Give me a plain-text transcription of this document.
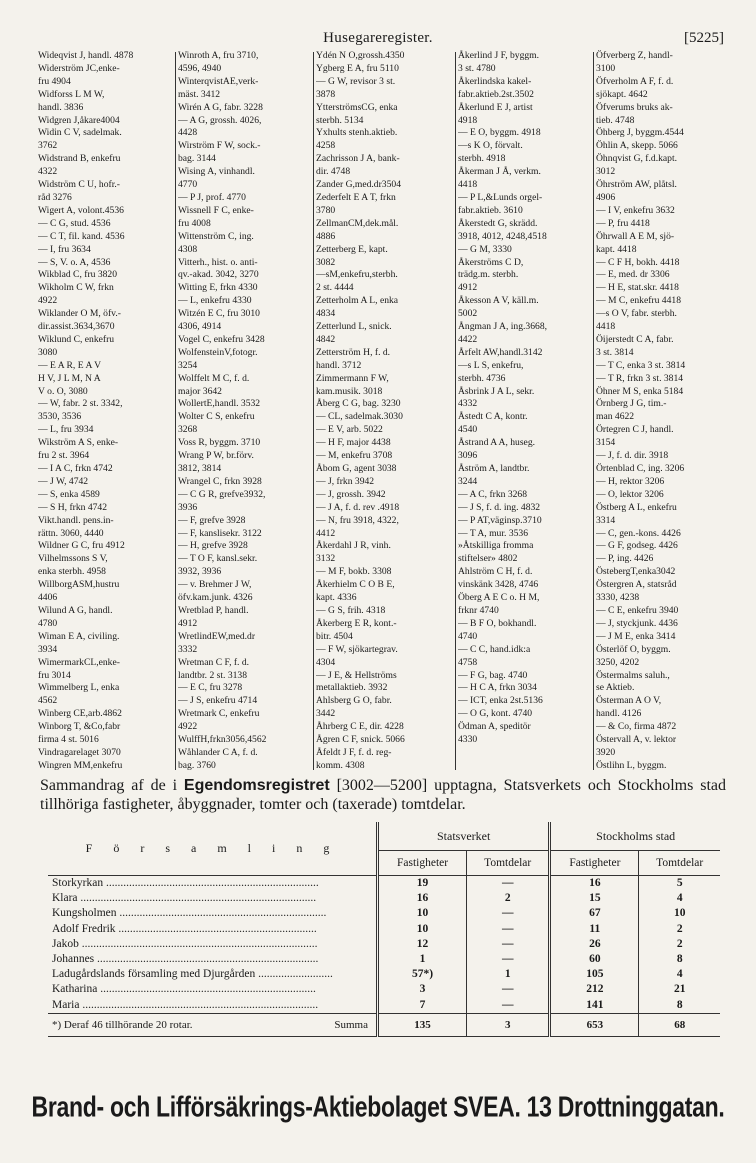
Husegareregister.	[5225]
Wideqvist J, handl. 4878
Widerström JC,enke-
fru 4904
Widforss L M W,
handl. 3836
Widgren J,åkare4004
Widin C V, sadelmak.
3762
Widstrand B, enkefru
4322
Widström C U, hofr.-
råd 3276
Wigert A, volont.4536
— C G, stud. 4536
— C T, fil. kand. 4536
— I, fru 3634
— S, V. o. A, 4536
Wikblad C, fru 3820
Wikholm C W, frkn
4922
Wiklander O M, öfv.-
dir.assist.3634,3670
Wiklund C, enkefru
3080
— E A R, E A V
H V, J L M, N A
V o. O, 3080
— W, fabr. 2 st. 3342,
3530, 3536
— L, fru 3934
Wikström A S, enke-
fru 2 st. 3964
— I A C, frkn 4742
— J W, 4742
— S, enka 4589
— S H, frkn 4742
Vikt.handl. pens.in-
rättn. 3060, 4440
Wildner G C, fru 4912
Vilhelmssons S V,
enka sterbh. 4958
WillborgASM,hustru
4406
Wilund A G, handl.
4780
Wiman E A, civiling.
3934
WimermarkCL,enke-
fru 3014
Wimmelberg L, enka
4562
Winberg CE,arb.4862
Winborg T, &Co,fabr
firma 4 st. 5016
Vindragarelaget 3070
Wingren MM,enkefru
Winroth A, fru 3710,
4596, 4940
WinterqvistAE,verk-
mäst. 3412
Wirén A G, fabr. 3228
— A G, grossh. 4026,
4428
Wirström F W, sock.-
bag. 3144
Wising A, vinhandl.
4770
— P J, prof. 4770
Wissnell F C, enke-
fru 4008
Wittenström C, ing.
4308
Vitterh., hist. o. anti-
qv.-akad. 3042, 3270
Witting E, frkn 4330
— L, enkefru 4330
Witzén E C, fru 3010
4306, 4914
Vogel C, enkefru 3428
WolfensteinV,fotogr.
3254
Wolffelt M C, f. d.
major 3642
WollertE,handl. 3532
Wolter C S, enkefru
3268
Voss R, byggm. 3710
Wrang P W, br.förv.
3812, 3814
Wrangel C, frkn 3928
— C G R, grefve3932,
3936
— F, grefve 3928
— F, kanslisekr. 3122
— H, grefve 3928
— T O F, kansl.sekr.
3932, 3936
— v. Brehmer J W,
öfv.kam.junk. 4326
Wretblad P, handl.
4912
WretlindEW,med.dr
3332
Wretman C F, f. d.
landtbr. 2 st. 3138
— E C, fru 3278
— J S, enkefru 4714
Wretmark C, enkefru
4922
WulffH,frkn3056,4562
Wåhlander C A, f. d.
bag. 3760
Ydén N O,grossh.4350
Ygberg E A, fru 5110
— G W, revisor 3 st.
3878
YtterströmsCG, enka
sterbh. 5134
Yxhults stenh.aktieb.
4258
Zachrisson J A, bank-
dir. 4748
Zander G,med.dr3504
Zederfelt E A T, frkn
3780
ZellmanCM,dek.mål.
4886
Zetterberg E, kapt.
3082
—sM,enkefru,sterbh.
2 st. 4444
Zetterholm A L, enka
4834
Zetterlund L, snick.
4842
Zetterström H, f. d.
handl. 3712
Zimmermann F W,
kam.musik. 3018
Åberg C G, bag. 3230
— CL, sadelmak.3030
— E V, arb. 5022
— H F, major 4438
— M, enkefru 3708
Åbom G, agent 3038
— J, frkn 3942
— J, grossh. 3942
— J A, f. d. rev .4918
— N, fru 3918, 4322,
4412
Åkerdahl J R, vinh.
3132
— M F, bokb. 3308
Åkerhielm C O B E,
kapt. 4336
— G S, frih. 4318
Åkerberg E R, kont.-
bitr. 4504
— F W, sjökartegrav.
4304
— J E, & Hellströms
metallaktieb. 3932
Ahlsberg G O, fabr.
3442
Åhrberg C E, dir. 4228
Ågren C F, snick. 5066
Åfeldt J F, f. d. reg-
komm. 4308
Åkerlind J F, byggm.
3 st. 4780
Åkerlindska kakel-
fabr.aktieb.2st.3502
Åkerlund E J, artist
4918
— E O, byggm. 4918
—s K O, förvalt.
sterbh. 4918
Åkerman J Å, verkm.
4418
— P L,&Lunds orgel-
fabr.aktieb. 3610
Åkerstedt G, skrädd.
3918, 4012, 4248,4518
— G M, 3330
Åkerströms C D,
trädg.m. sterbh.
4912
Åkesson A V, käll.m.
5002
Ångman J A, ing.3668,
4422
Årfelt AW,handl.3142
—s L S, enkefru,
sterbh. 4736
Åsbrink J A L, sekr.
4332
Åstedt C A, kontr.
4540
Åstrand A A, huseg.
3096
Åström A, landtbr.
3244
— A C, frkn 3268
— J S, f. d. ing. 4832
— P AT,väginsp.3710
— T A, mur. 3536
»Åtskilliga fromma
stiftelser» 4802
Ahlström C H, f. d.
vinskänk 3428, 4746
Öberg A E C o. H M,
frknr 4740
— B F O, bokhandl.
4740
— C C, hand.idk:a
4758
— F G, bag. 4740
— H C A, frkn 3034
— ICT, enka 2st.5136
— O G, kont. 4740
Ödman A, speditör
4330
Öfverberg Z, handl-
3100
Öfverholm A F, f. d.
sjökapt. 4642
Öfverums bruks ak-
tieb. 4748
Öhberg J, byggm.4544
Öhlin A, skepp. 5066
Öhnqvist G, f.d.kapt.
3012
Öhrström AW, plåtsl.
4906
— I V, enkefru 3632
— P, fru 4418
Öhrwall A E M, sjö-
kapt. 4418
— C F H, bokh. 4418
— E, med. dr 3306
— H E, stat.skr. 4418
— M C, enkefru 4418
—s O V, fabr. sterbh.
4418
Öijerstedt C A, fabr.
3 st. 3814
— T C, enka 3 st. 3814
— T R, frkn 3 st. 3814
Öhner M S, enka 5184
Örnberg J G, tim.-
man 4622
Örtegren C J, handl.
3154
— J, f. d. dir. 3918
Örtenblad C, ing. 3206
— H, rektor 3206
— O, lektor 3206
Östberg A L, enkefru
3314
— C, gen.-kons. 4426
— G F, godseg. 4426
— P, ing. 4426
ÖstebergT,enka3042
Östergren A, statsråd
3330, 4238
— C E, enkefru 3940
— J, styckjunk. 4436
— J M E, enka 3414
Österlöf O, byggm.
3250, 4202
Östermalms saluh.,
se Aktieb.
Österman A O V,
handl. 4126
— & Co, firma 4872
Östervall A, v. lektor
3920
Östlihn L, byggm.
Sammandrag af de i Egendomsregistret [3002—5200] upptagna, Statsverkets och Stockholms stad tillhöriga fastigheter, åbyggnader, tomter och (taxerade) tomtdelar.
F ö r s a m l i n g	Statsverket		Stockholms stad	
	Fastigheter	Tomtdelar	Fastigheter	Tomtdelar
Storkyrkan ..........................................................................	19	—	16	5
Klara ..................................................................................	16	2	15	4
Kungsholmen ........................................................................	10	—	67	10
Adolf Fredrik .....................................................................	10	—	11	2
Jakob ..................................................................................	12	—	26	2
Johannes .............................................................................	1	—	60	8
Ladugårdslands församling med Djurgården ..........................	57*)	1	105	4
Katharina ...........................................................................	3	—	212	21
Maria ..................................................................................	7	—	141	8
*) Deraf 46 tillhörande 20 rotar. Summa	135	3	653	68
Brand- och Lifförsäkrings-Aktiebolaget SVEA. 13 Drottninggatan.
